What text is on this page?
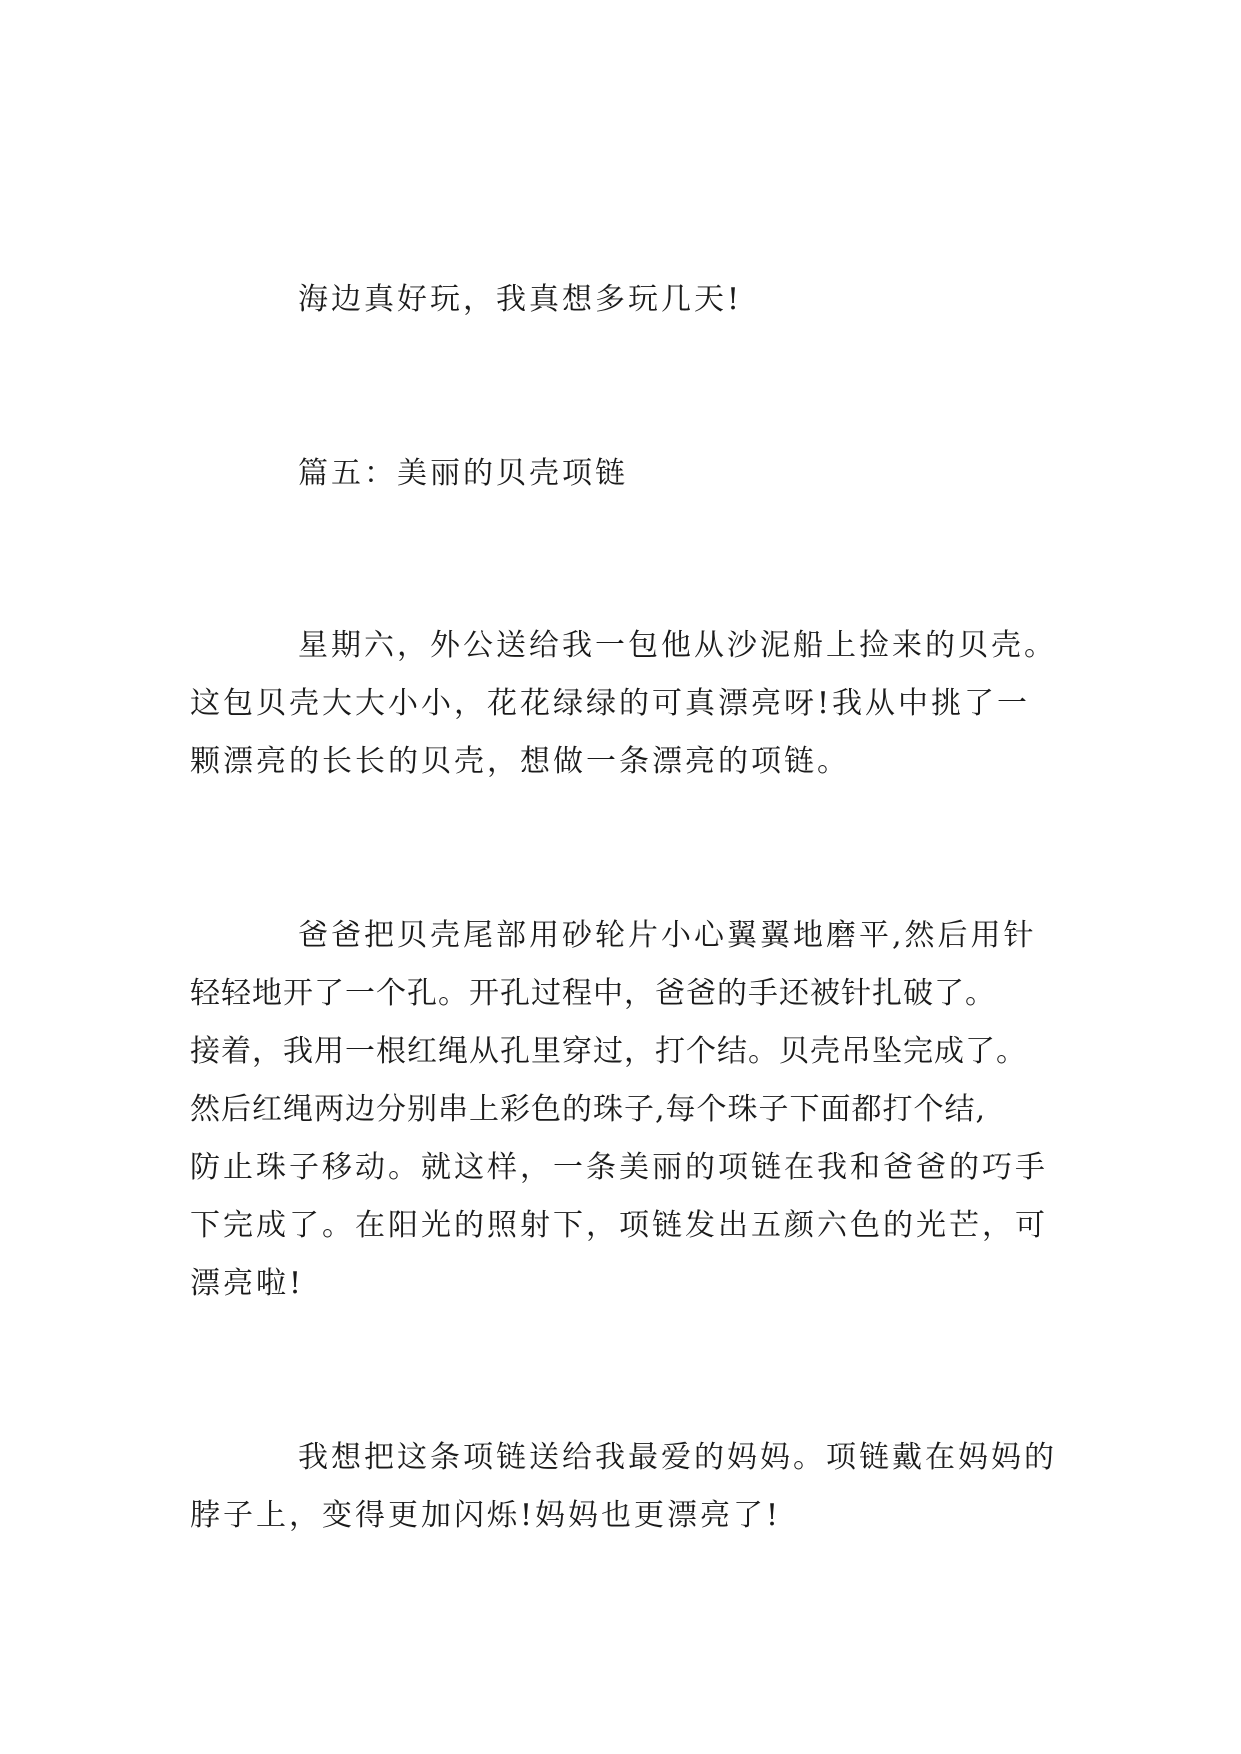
海边真好玩，我真想多玩几天!
篇五：美丽的贝壳项链
星期六，外公送给我一包他从沙泥船上捡来的贝壳。
这包贝壳大大小小，花花绿绿的可真漂亮呀!我从中挑了一
颗漂亮的长长的贝壳，想做一条漂亮的项链。
爸爸把贝壳尾部用砂轮片小心翼翼地磨平,然后用针
轻轻地开了一个孔。开孔过程中，爸爸的手还被针扎破了。
接着，我用一根红绳从孔里穿过，打个结。贝壳吊坠完成了。
然后红绳两边分别串上彩色的珠子,每个珠子下面都打个结,
防止珠子移动。就这样，一条美丽的项链在我和爸爸的巧手
下完成了。在阳光的照射下，项链发出五颜六色的光芒，可
漂亮啦!
我想把这条项链送给我最爱的妈妈。项链戴在妈妈的
脖子上，变得更加闪烁!妈妈也更漂亮了!
